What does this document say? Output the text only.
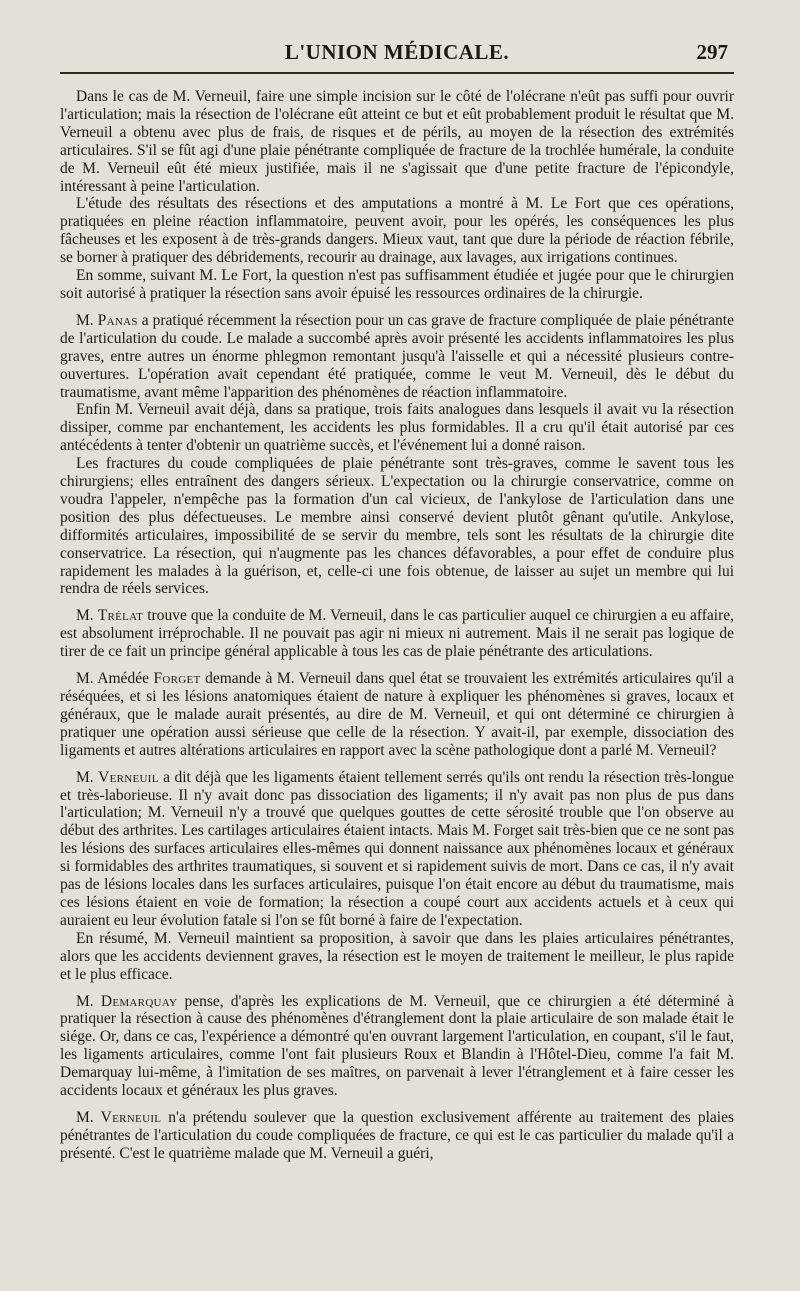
L'UNION MÉDICALE.	297

Dans le cas de M. Verneuil, faire une simple incision sur le côté de l'olécrane n'eût pas suffi pour ouvrir l'articulation; mais la résection de l'olécrane eût atteint ce but et eût probablement produit le résultat que M. Verneuil a obtenu avec plus de frais, de risques et de périls, au moyen de la résection des extrémités articulaires. S'il se fût agi d'une plaie pénétrante compliquée de fracture de la trochlée humérale, la conduite de M. Verneuil eût été mieux justifiée, mais il ne s'agissait que d'une petite fracture de l'épicondyle, intéressant à peine l'articulation.

L'étude des résultats des résections et des amputations a montré à M. Le Fort que ces opérations, pratiquées en pleine réaction inflammatoire, peuvent avoir, pour les opérés, les conséquences les plus fâcheuses et les exposent à de très-grands dangers. Mieux vaut, tant que dure la période de réaction fébrile, se borner à pratiquer des débridements, recourir au drainage, aux lavages, aux irrigations continues.

En somme, suivant M. Le Fort, la question n'est pas suffisamment étudiée et jugée pour que le chirurgien soit autorisé à pratiquer la résection sans avoir épuisé les ressources ordinaires de la chirurgie.

M. Panas a pratiqué récemment la résection pour un cas grave de fracture compliquée de plaie pénétrante de l'articulation du coude. Le malade a succombé après avoir présenté les accidents inflammatoires les plus graves, entre autres un énorme phlegmon remontant jusqu'à l'aisselle et qui a nécessité plusieurs contre-ouvertures. L'opération avait cependant été pratiquée, comme le veut M. Verneuil, dès le début du traumatisme, avant même l'apparition des phénomènes de réaction inflammatoire.

Enfin M. Verneuil avait déjà, dans sa pratique, trois faits analogues dans lesquels il avait vu la résection dissiper, comme par enchantement, les accidents les plus formidables. Il a cru qu'il était autorisé par ces antécédents à tenter d'obtenir un quatrième succès, et l'événement lui a donné raison.

Les fractures du coude compliquées de plaie pénétrante sont très-graves, comme le savent tous les chirurgiens; elles entraînent des dangers sérieux. L'expectation ou la chirurgie conservatrice, comme on voudra l'appeler, n'empêche pas la formation d'un cal vicieux, de l'ankylose de l'articulation dans une position des plus défectueuses. Le membre ainsi conservé devient plutôt gênant qu'utile. Ankylose, difformités articulaires, impossibilité de se servir du membre, tels sont les résultats de la chirurgie dite conservatrice. La résection, qui n'augmente pas les chances défavorables, a pour effet de conduire plus rapidement les malades à la guérison, et, celle-ci une fois obtenue, de laisser au sujet un membre qui lui rendra de réels services.

M. Trélat trouve que la conduite de M. Verneuil, dans le cas particulier auquel ce chirurgien a eu affaire, est absolument irréprochable. Il ne pouvait pas agir ni mieux ni autrement. Mais il ne serait pas logique de tirer de ce fait un principe général applicable à tous les cas de plaie pénétrante des articulations.

M. Amédée Forget demande à M. Verneuil dans quel état se trouvaient les extrémités articulaires qu'il a réséquées, et si les lésions anatomiques étaient de nature à expliquer les phénomènes si graves, locaux et généraux, que le malade aurait présentés, au dire de M. Verneuil, et qui ont déterminé ce chirurgien à pratiquer une opération aussi sérieuse que celle de la résection. Y avait-il, par exemple, dissociation des ligaments et autres altérations articulaires en rapport avec la scène pathologique dont a parlé M. Verneuil?

M. Verneuil a dit déjà que les ligaments étaient tellement serrés qu'ils ont rendu la résection très-longue et très-laborieuse. Il n'y avait donc pas dissociation des ligaments; il n'y avait pas non plus de pus dans l'articulation; M. Verneuil n'y a trouvé que quelques gouttes de cette sérosité trouble que l'on observe au début des arthrites. Les cartilages articulaires étaient intacts. Mais M. Forget sait très-bien que ce ne sont pas les lésions des surfaces articulaires elles-mêmes qui donnent naissance aux phénomènes locaux et généraux si formidables des arthrites traumatiques, si souvent et si rapidement suivis de mort. Dans ce cas, il n'y avait pas de lésions locales dans les surfaces articulaires, puisque l'on était encore au début du traumatisme, mais ces lésions étaient en voie de formation; la résection a coupé court aux accidents actuels et à ceux qui auraient eu leur évolution fatale si l'on se fût borné à faire de l'expectation.

En résumé, M. Verneuil maintient sa proposition, à savoir que dans les plaies articulaires pénétrantes, alors que les accidents deviennent graves, la résection est le moyen de traitement le meilleur, le plus rapide et le plus efficace.

M. Demarquay pense, d'après les explications de M. Verneuil, que ce chirurgien a été déterminé à pratiquer la résection à cause des phénomènes d'étranglement dont la plaie articulaire de son malade était le siége. Or, dans ce cas, l'expérience a démontré qu'en ouvrant largement l'articulation, en coupant, s'il le faut, les ligaments articulaires, comme l'ont fait plusieurs Roux et Blandin à l'Hôtel-Dieu, comme l'a fait M. Demarquay lui-même, à l'imitation de ses maîtres, on parvenait à lever l'étranglement et à faire cesser les accidents locaux et généraux les plus graves.

M. Verneuil n'a prétendu soulever que la question exclusivement afférente au traitement des plaies pénétrantes de l'articulation du coude compliquées de fracture, ce qui est le cas particulier du malade qu'il a présenté. C'est le quatrième malade que M. Verneuil a guéri,
